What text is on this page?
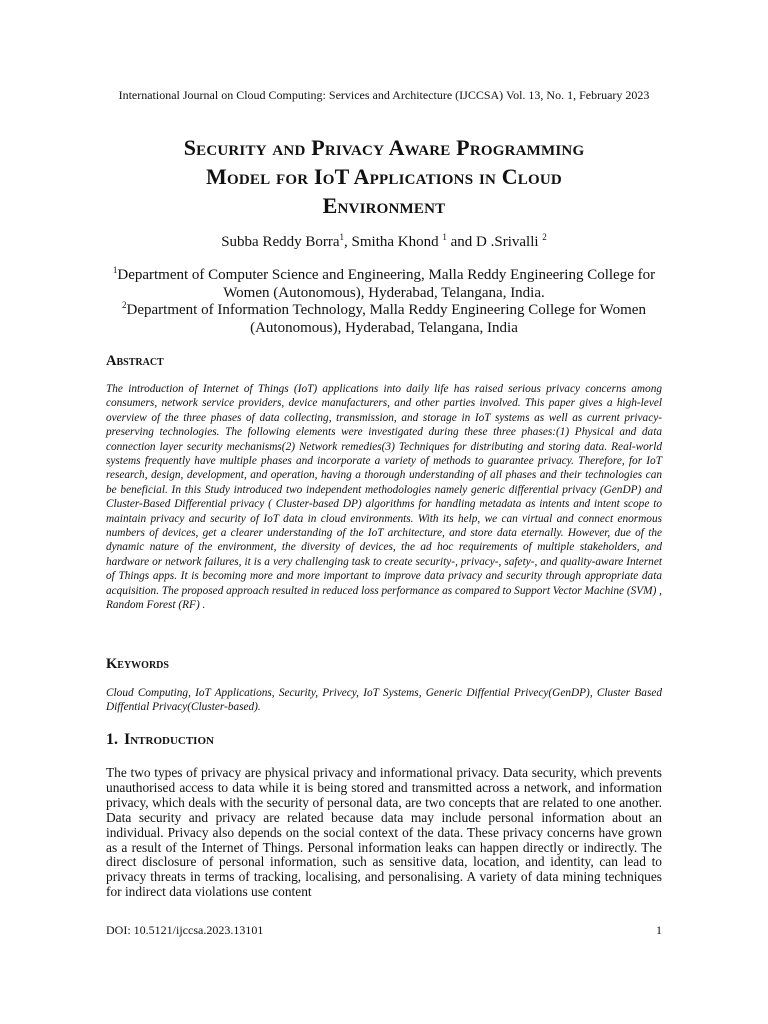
International Journal on Cloud Computing: Services and Architecture (IJCCSA) Vol. 13, No. 1, February 2023
Security and Privacy Aware Programming
Model for IoT Applications in Cloud
Environment
Subba Reddy Borra$^1$, Smitha Khond $^1$ and D .Srivalli $^2$

$^1$Department of Computer Science and Engineering, Malla Reddy Engineering College for Women (Autonomous), Hyderabad, Telangana, India.

$^2$Department of Information Technology, Malla Reddy Engineering College for Women (Autonomous), Hyderabad, Telangana, India

Abstract

The introduction of Internet of Things (IoT) applications into daily life has raised serious privacy concerns among consumers, network service providers, device manufacturers, and other parties involved. This paper gives a high-level overview of the three phases of data collecting, transmission, and storage in IoT systems as well as current privacy-preserving technologies. The following elements were investigated during these three phases:(1) Physical and data connection layer security mechanisms(2) Network remedies(3) Techniques for distributing and storing data. Real-world systems frequently have multiple phases and incorporate a variety of methods to guarantee privacy. Therefore, for IoT research, design, development, and operation, having a thorough understanding of all phases and their technologies can be beneficial. In this Study introduced two independent methodologies namely generic differential privacy (GenDP) and Cluster-Based Differential privacy ( Cluster-based DP) algorithms for handling metadata as intents and intent scope to maintain privacy and security of IoT data in cloud environments. With its help, we can virtual and connect enormous numbers of devices, get a clearer understanding of the IoT architecture, and store data eternally. However, due of the dynamic nature of the environment, the diversity of devices, the ad hoc requirements of multiple stakeholders, and hardware or network failures, it is a very challenging task to create security-, privacy-, safety-, and quality-aware Internet of Things apps. It is becoming more and more important to improve data privacy and security through appropriate data acquisition. The proposed approach resulted in reduced loss performance as compared to Support Vector Machine (SVM) , Random Forest (RF) .

Keywords

Cloud Computing, IoT Applications, Security, Privecy, IoT Systems, Generic Diffential Privecy(GenDP), Cluster Based Diffential Privacy(Cluster-based).

1. Introduction

The two types of privacy are physical privacy and informational privacy. Data security, which prevents unauthorised access to data while it is being stored and transmitted across a network, and information privacy, which deals with the security of personal data, are two concepts that are related to one another. Data security and privacy are related because data may include personal information about an individual. Privacy also depends on the social context of the data. These privacy concerns have grown as a result of the Internet of Things. Personal information leaks can happen directly or indirectly. The direct disclosure of personal information, such as sensitive data, location, and identity, can lead to privacy threats in terms of tracking, localising, and personalising. A variety of data mining techniques for indirect data violations use content

DOI: 10.5121/ijccsa.2023.13101	1
